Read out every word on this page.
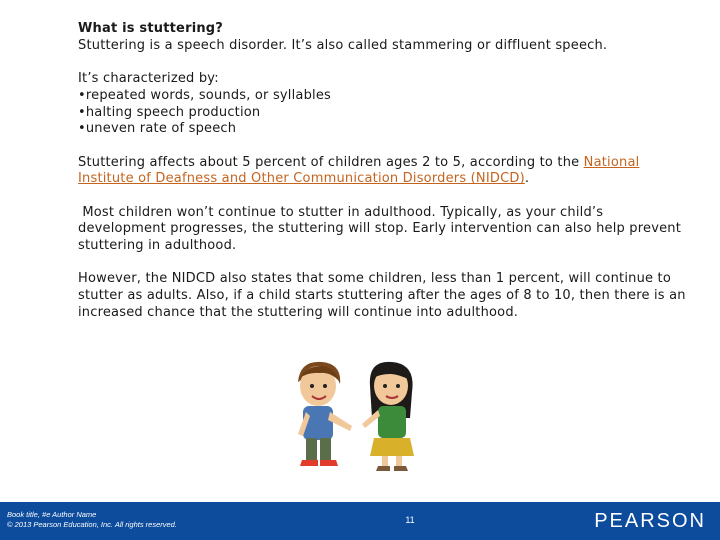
What is stuttering?

Stuttering is a speech disorder. It’s also called stammering or diffluent speech.

It’s characterized by:

•repeated words, sounds, or syllables

•halting speech production

•uneven rate of speech

Stuttering affects about 5 percent of children ages 2 to 5, according to the National Institute of Deafness and Other Communication Disorders (NIDCD).

Most children won’t continue to stutter in adulthood. Typically, as your child’s development progresses, the stuttering will stop. Early intervention can also help prevent stuttering in adulthood.

However, the NIDCD also states that some children, less than 1 percent, will continue to stutter as adults. Also, if a child starts stuttering after the ages of 8 to 10, then there is an increased chance that the stuttering will continue into adulthood.

Book title, #e Author Name
© 2013 Pearson Education, Inc. All rights reserved.	11	PEARSON
